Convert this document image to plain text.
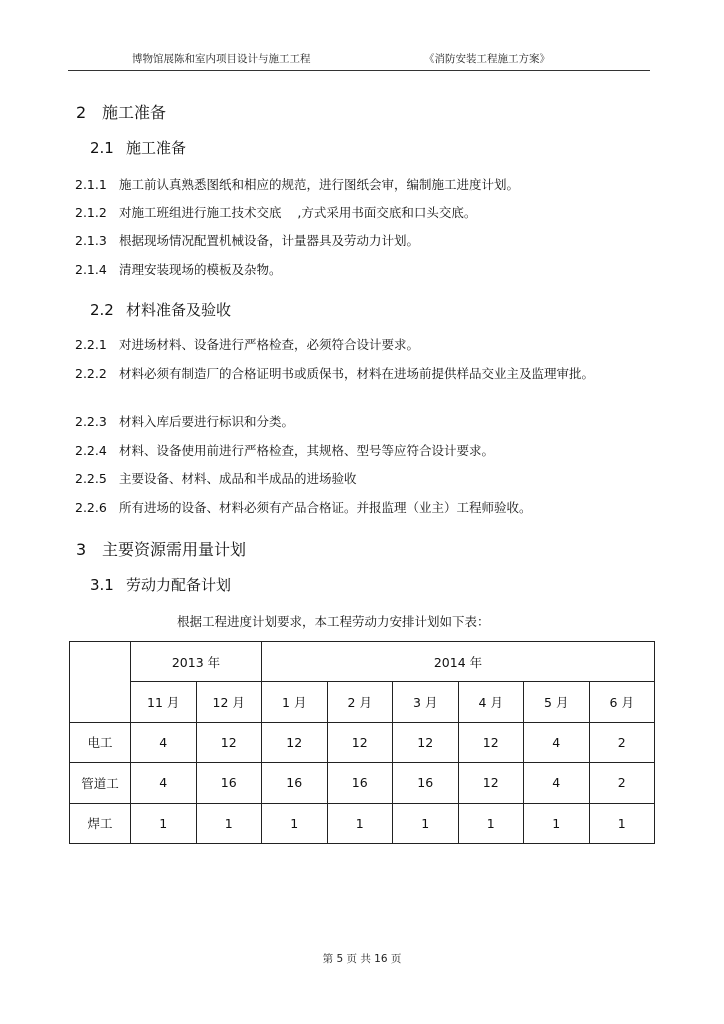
博物馆展陈和室内项目设计与施工工程	《消防安装工程施工方案》
2 施工准备
2.1 施工准备
2.1.1 施工前认真熟悉图纸和相应的规范，进行图纸会审，编制施工进度计划。
2.1.2 对施工班组进行施工技术交底    ,方式采用书面交底和口头交底。
2.1.3 根据现场情况配置机械设备，计量器具及劳动力计划。
2.1.4 清理安装现场的模板及杂物。
2.2 材料准备及验收
2.2.1 对进场材料、设备进行严格检查，必须符合设计要求。
2.2.2 材料必须有制造厂的合格证明书或质保书，材料在进场前提供样品交业主及监理审批。
2.2.3 材料入库后要进行标识和分类。
2.2.4 材料、设备使用前进行严格检查，其规格、型号等应符合设计要求。
2.2.5 主要设备、材料、成品和半成品的进场验收
2.2.6 所有进场的设备、材料必须有产品合格证。并报监理（业主）工程师验收。
3 主要资源需用量计划
3.1 劳动力配备计划
根据工程进度计划要求，本工程劳动力安排计划如下表：
	2013 年		2014 年					
	11 月	12 月	1 月	2 月	3 月	4 月	5 月	6 月
电工	4	12	12	12	12	12	4	2
管道工	4	16	16	16	16	12	4	2
焊工	1	1	1	1	1	1	1	1
第 5 页 共 16 页
